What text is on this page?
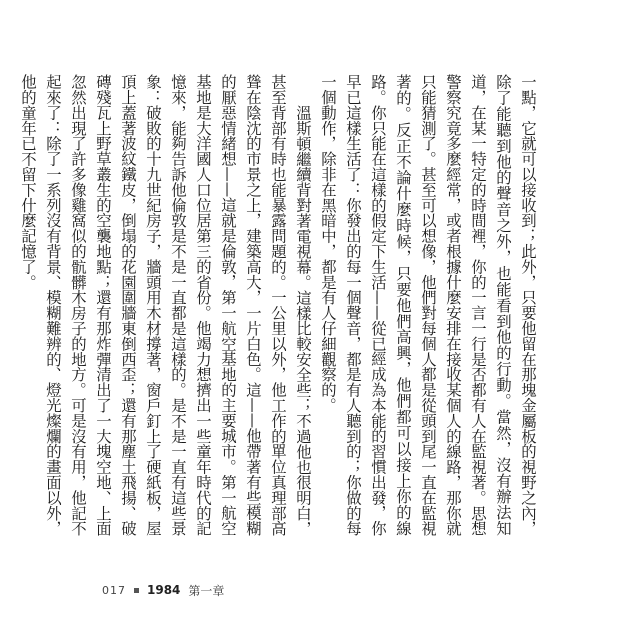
一點，它就可以接收到；此外，只要他留在那塊金屬板的視野之內，除了能聽到他的聲音之外，也能看到他的行動。當然，沒有辦法知道，在某一特定的時間裡，你的一言一行是否都有人在監視著。思想警察究竟多麼經常，或者根據什麼安排在接收某個人的線路，那你就只能猜測了。甚至可以想像，他們對每個人都是從頭到尾一直在監視著的。反正不論什麼時候，只要他們高興，他們都可以接上你的線路。你只能在這樣的假定下生活——從已經成為本能的習慣出發，你早已這樣生活了：你發出的每一個聲音，都是有人聽到的；你做的每一個動作，除非在黑暗中，都是有人仔細觀察的。

溫斯頓繼續背對著電視幕。這樣比較安全些；不過他也很明白，甚至背部有時也能暴露問題的。一公里以外，他工作的單位真理部高聳在陰沈的市景之上，建築高大，一片白色。這——他帶著有些模糊的厭惡情緒想——這就是倫敦，第一航空基地的主要城市。第一航空基地是大洋國人口位居第三的省份。他竭力想擠出一些童年時代的記憶來，能夠告訴他倫敦是不是一直都是這樣的。是不是一直有這些景象：破敗的十九世紀房子，牆頭用木材撐著，窗戶釘上了硬紙板，屋頂上蓋著波紋鐵皮，倒塌的花園圍牆東倒西歪；還有那塵土飛揚、破磚殘瓦上野草叢生的空襲地點；還有那炸彈清出了一大塊空地、上面忽然出現了許多像雞窩似的骯髒木房子的地方。可是沒有用，他記不起來了：除了一系列沒有背景、模糊難辨的、燈光燦爛的畫面以外，他的童年已不留下什麼記憶了。

017 1984 第一章
